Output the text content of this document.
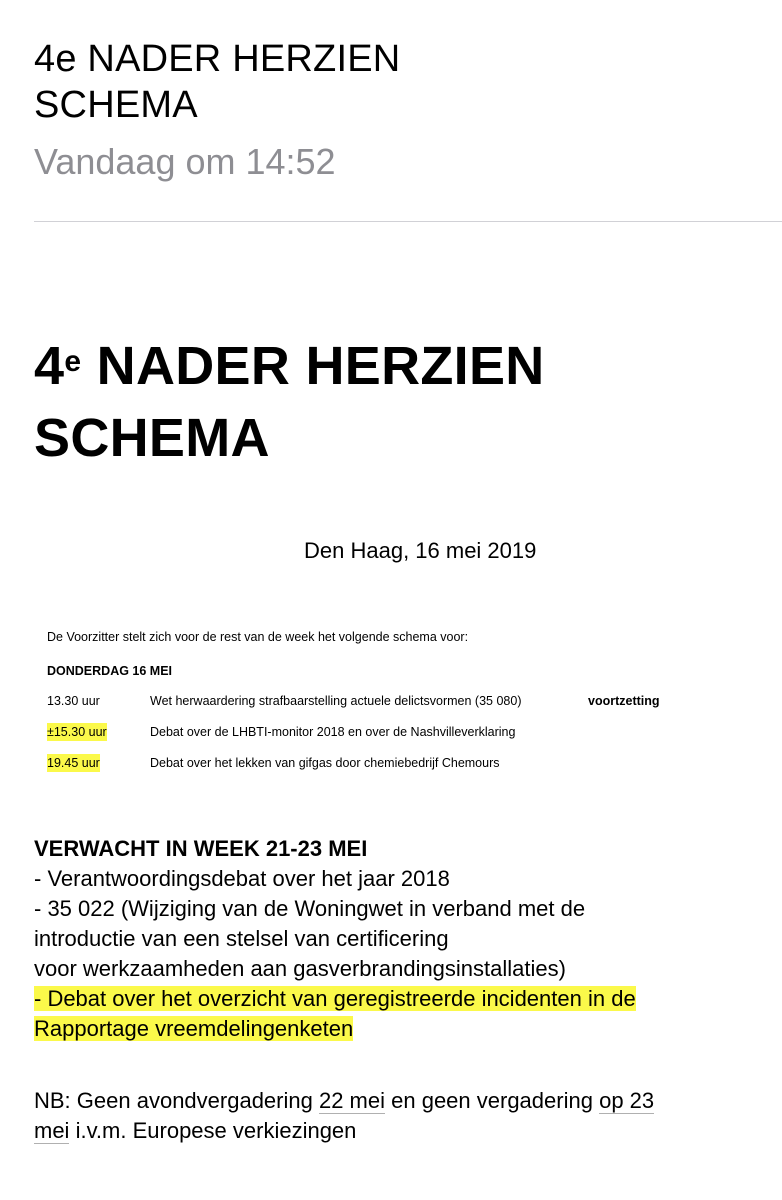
4e NADER HERZIEN
SCHEMA
Vandaag om 14:52
4e NADER HERZIEN
SCHEMA
Den Haag, 16 mei 2019
De Voorzitter stelt zich voor de rest van de week het volgende schema voor:
DONDERDAG 16 MEI
13.30 uur	Wet herwaardering strafbaarstelling actuele delictsvormen (35 080)	voortzetting
±15.30 uur	Debat over de LHBTI-monitor 2018 en over de Nashvilleverklaring
19.45 uur	Debat over het lekken van gifgas door chemiebedrijf Chemours
VERWACHT IN WEEK 21-23 MEI
- Verantwoordingsdebat over het jaar 2018
- 35 022 (Wijziging van de Woningwet in verband met de
introductie van een stelsel van certificering
voor werkzaamheden aan gasverbrandingsinstallaties)
- Debat over het overzicht van geregistreerde incidenten in de
Rapportage vreemdelingenketen
NB: Geen avondvergadering 22 mei en geen vergadering op 23
mei i.v.m. Europese verkiezingen
